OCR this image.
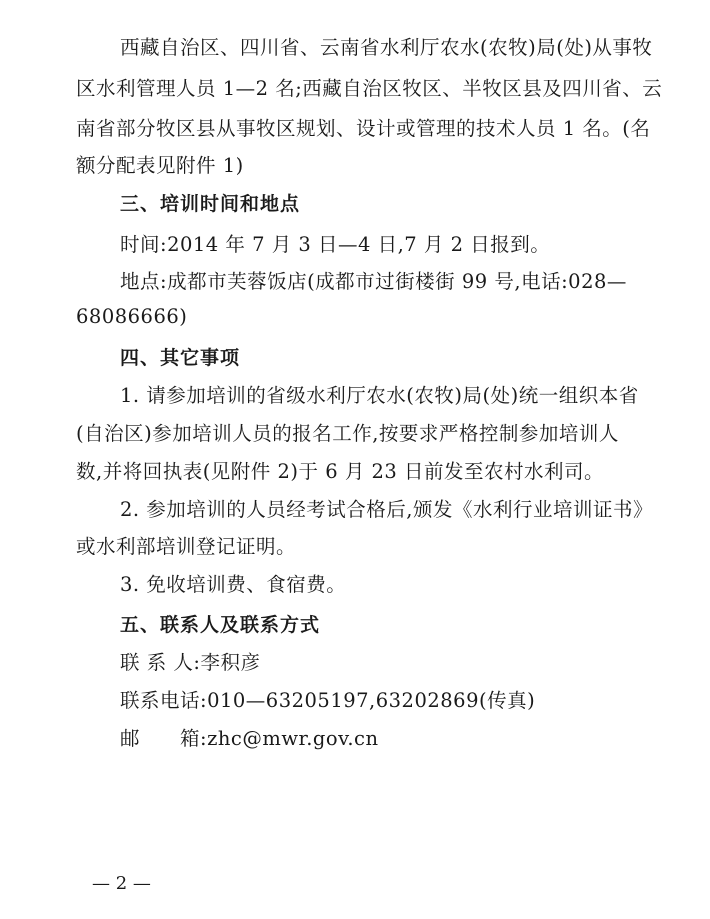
西藏自治区、四川省、云南省水利厅农水(农牧)局(处)从事牧
区水利管理人员 1—2 名;西藏自治区牧区、半牧区县及四川省、云
南省部分牧区县从事牧区规划、设计或管理的技术人员 1 名。(名
额分配表见附件 1)
三、培训时间和地点
时间:2014 年 7 月 3 日—4 日,7 月 2 日报到。
地点:成都市芙蓉饭店(成都市过街楼街 99 号,电话:028—
68086666)
四、其它事项
1. 请参加培训的省级水利厅农水(农牧)局(处)统一组织本省
(自治区)参加培训人员的报名工作,按要求严格控制参加培训人
数,并将回执表(见附件 2)于 6 月 23 日前发至农村水利司。
2. 参加培训的人员经考试合格后,颁发《水利行业培训证书》
或水利部培训登记证明。
3. 免收培训费、食宿费。
五、联系人及联系方式
联 系 人:李积彦
联系电话:010—63205197,63202869(传真)
邮 箱:zhc@mwr.gov.cn
— 2 —
